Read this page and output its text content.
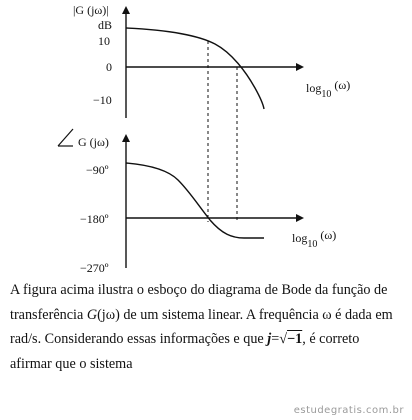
|G (jω)|
dB
10
0
−10
$\log_{10}(\omega)$
G (jω)
−90º
−180º
−270º
$\log_{10}(\omega)$

A figura acima ilustra o esboço do diagrama de Bode da função de

transferência G(jω) de um sistema linear. A frequência ω é dada em

rad/s. Considerando essas informações e que j=√−1, é correto

afirmar que o sistema

estudegratis.com.br
